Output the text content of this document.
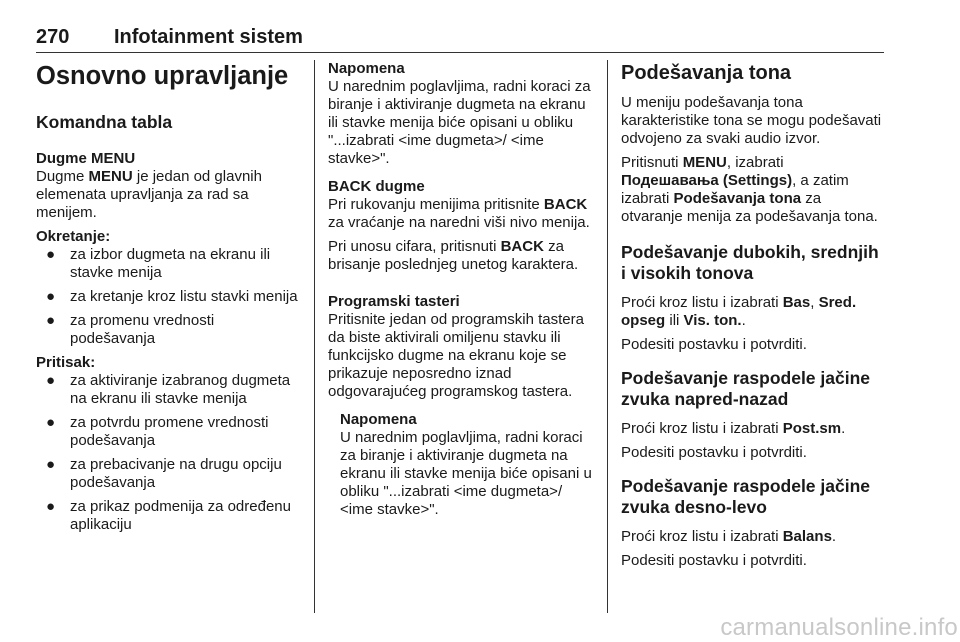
270 Infotainment sistem
Osnovno upravljanje
Komandna tabla

Dugme MENU

Dugme MENU je jedan od glavnih elemenata upravljanja za rad sa menijem.

Okretanje:

● za izbor dugmeta na ekranu ili stavke menija
● za kretanje kroz listu stavki menija
● za promenu vrednosti podešavanja

Pritisak:

● za aktiviranje izabranog dugmeta na ekranu ili stavke menija
● za potvrdu promene vrednosti podešavanja
● za prebacivanje na drugu opciju podešavanja
● za prikaz podmenija za određenu aplikaciju

Napomena

U narednim poglavljima, radni koraci za biranje i aktiviranje dugmeta na ekranu ili stavke menija biće opisani u obliku "...izabrati <ime dugmeta>/ <ime stavke>".

BACK dugme

Pri rukovanju menijima pritisnite BACK za vraćanje na naredni viši nivo menija.

Pri unosu cifara, pritisnuti BACK za brisanje poslednjeg unetog karaktera.

Programski tasteri

Pritisnite jedan od programskih tastera da biste aktivirali omiljenu stavku ili funkcijsko dugme na ekranu koje se prikazuje neposredno iznad odgovarajućeg programskog tastera.

Napomena

U narednim poglavljima, radni koraci za biranje i aktiviranje dugmeta na ekranu ili stavke menija biće opisani u obliku "...izabrati <ime dugmeta>/ <ime stavke>".

Podešavanja tona

U meniju podešavanja tona karakteristike tona se mogu podešavati odvojeno za svaki audio izvor.

Pritisnuti MENU, izabrati
Подешавања (Settings), a zatim izabrati Podešavanja tona za otvaranje menija za podešavanja tona.

Podešavanje dubokih, srednjih i visokih tonova

Proći kroz listu i izabrati Bas, Sred. opseg ili Vis. ton..

Podesiti postavku i potvrditi.

Podešavanje raspodele jačine zvuka napred-nazad

Proći kroz listu i izabrati Post.sm.

Podesiti postavku i potvrditi.

Podešavanje raspodele jačine zvuka desno-levo

Proći kroz listu i izabrati Balans.

Podesiti postavku i potvrditi.

carmanualsonline.info
